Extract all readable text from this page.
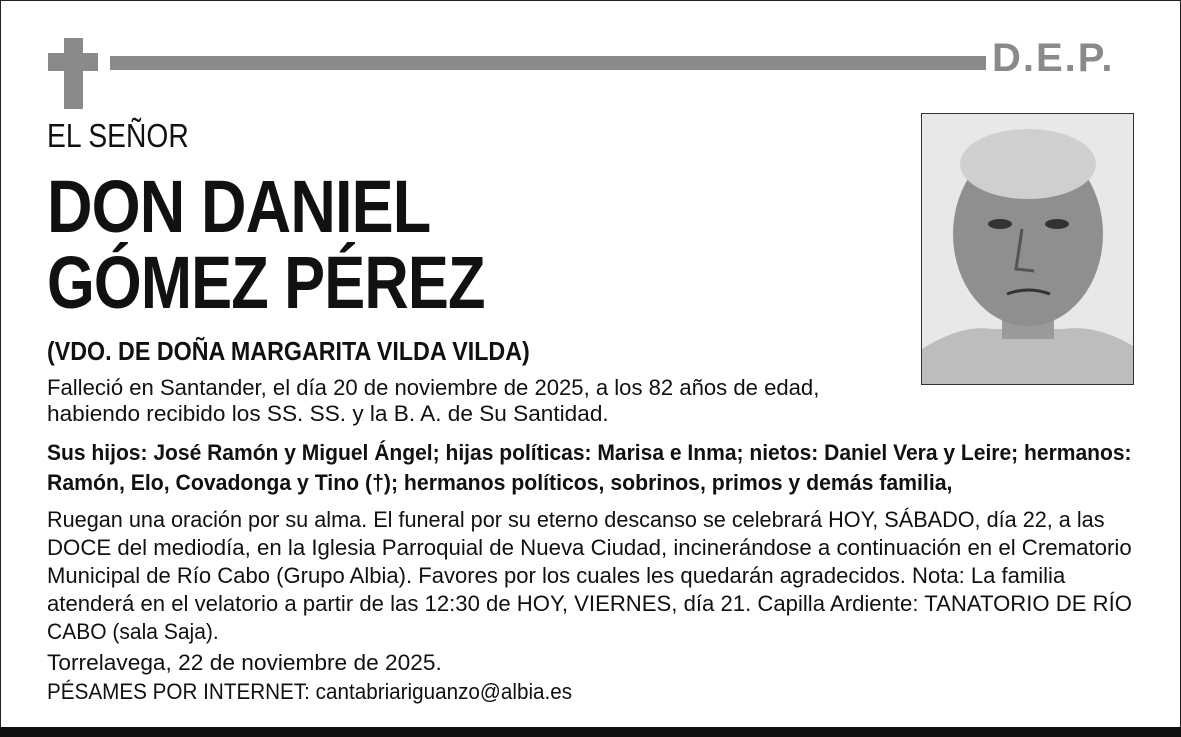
D.E.P.
EL SEÑOR
DON DANIEL
GÓMEZ PÉREZ
(VDO. DE DOÑA MARGARITA VILDA VILDA)
Falleció en Santander, el día 20 de noviembre de 2025, a los 82 años de edad,
habiendo recibido los SS. SS. y la B. A. de Su Santidad.
Sus hijos: José Ramón y Miguel Ángel; hijas políticas: Marisa e Inma; nietos: Daniel Vera y Leire; hermanos:
Ramón, Elo, Covadonga y Tino (†); hermanos políticos, sobrinos, primos y demás familia,
Ruegan una oración por su alma. El funeral por su eterno descanso se celebrará HOY, SÁBADO, día 22, a las
DOCE del mediodía, en la Iglesia Parroquial de Nueva Ciudad, incinerándose a continuación en el Crematorio
Municipal de Río Cabo (Grupo Albia). Favores por los cuales les quedarán agradecidos. Nota: La familia
atenderá en el velatorio a partir de las 12:30 de HOY, VIERNES, día 21. Capilla Ardiente: TANATORIO DE RÍO
CABO (sala Saja).
Torrelavega, 22 de noviembre de 2025.
PÉSAMES POR INTERNET: cantabriariguanzo@albia.es
